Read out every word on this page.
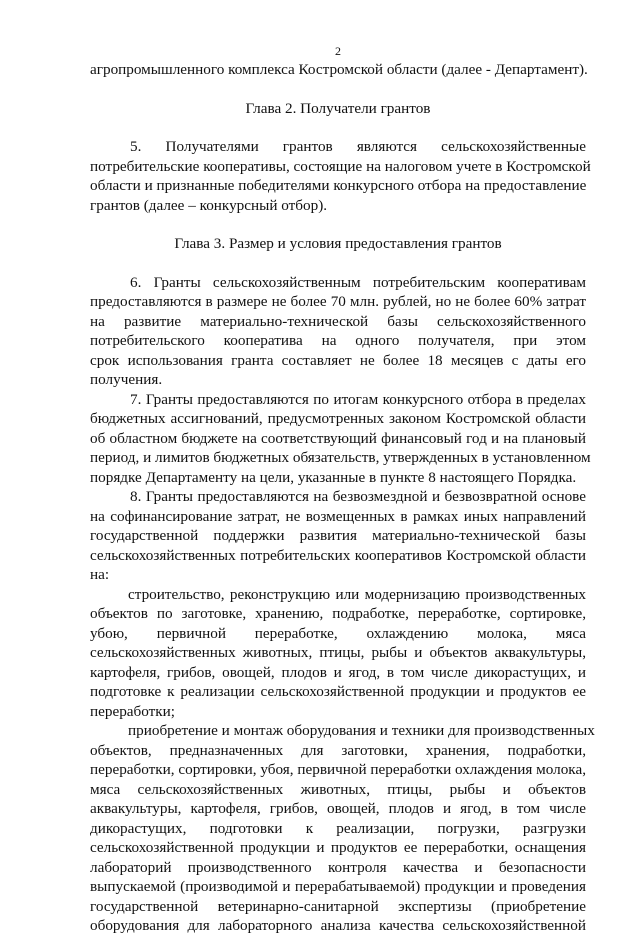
2
агропромышленного комплекса Костромской области (далее - Департамент).
Глава 2. Получатели грантов
5. Получателями грантов являются сельскохозяйственные
потребительские кооперативы, состоящие на налоговом учете в Костромской
области и признанные победителями конкурсного отбора на предоставление
грантов (далее – конкурсный отбор).
Глава 3. Размер и условия предоставления грантов
6. Гранты сельскохозяйственным потребительским кооперативам
предоставляются в размере не более 70 млн. рублей, но не более 60% затрат
на развитие материально-технической базы сельскохозяйственного
потребительского кооператива на одного получателя, при этом
срок использования гранта составляет не более 18 месяцев с даты его
получения.
7. Гранты предоставляются по итогам конкурсного отбора в пределах
бюджетных ассигнований, предусмотренных законом Костромской области
об областном бюджете на соответствующий финансовый год и на плановый
период, и лимитов бюджетных обязательств, утвержденных в установленном
порядке Департаменту на цели, указанные в пункте 8 настоящего Порядка.
8. Гранты предоставляются на безвозмездной и безвозвратной основе
на софинансирование затрат, не возмещенных в рамках иных направлений
государственной поддержки развития материально-технической базы
сельскохозяйственных потребительских кооперативов Костромской области
на:
строительство, реконструкцию или модернизацию производственных
объектов по заготовке, хранению, подработке, переработке, сортировке,
убою, первичной переработке, охлаждению молока, мяса
сельскохозяйственных животных, птицы, рыбы и объектов аквакультуры,
картофеля, грибов, овощей, плодов и ягод, в том числе дикорастущих, и
подготовке к реализации сельскохозяйственной продукции и продуктов ее
переработки;
приобретение и монтаж оборудования и техники для производственных
объектов, предназначенных для заготовки, хранения, подработки,
переработки, сортировки, убоя, первичной переработки охлаждения молока,
мяса сельскохозяйственных животных, птицы, рыбы и объектов
аквакультуры, картофеля, грибов, овощей, плодов и ягод, в том числе
дикорастущих, подготовки к реализации, погрузки, разгрузки
сельскохозяйственной продукции и продуктов ее переработки, оснащения
лабораторий производственного контроля качества и безопасности
выпускаемой (производимой и перерабатываемой) продукции и проведения
государственной ветеринарно-санитарной экспертизы (приобретение
оборудования для лабораторного анализа качества сельскохозяйственной
